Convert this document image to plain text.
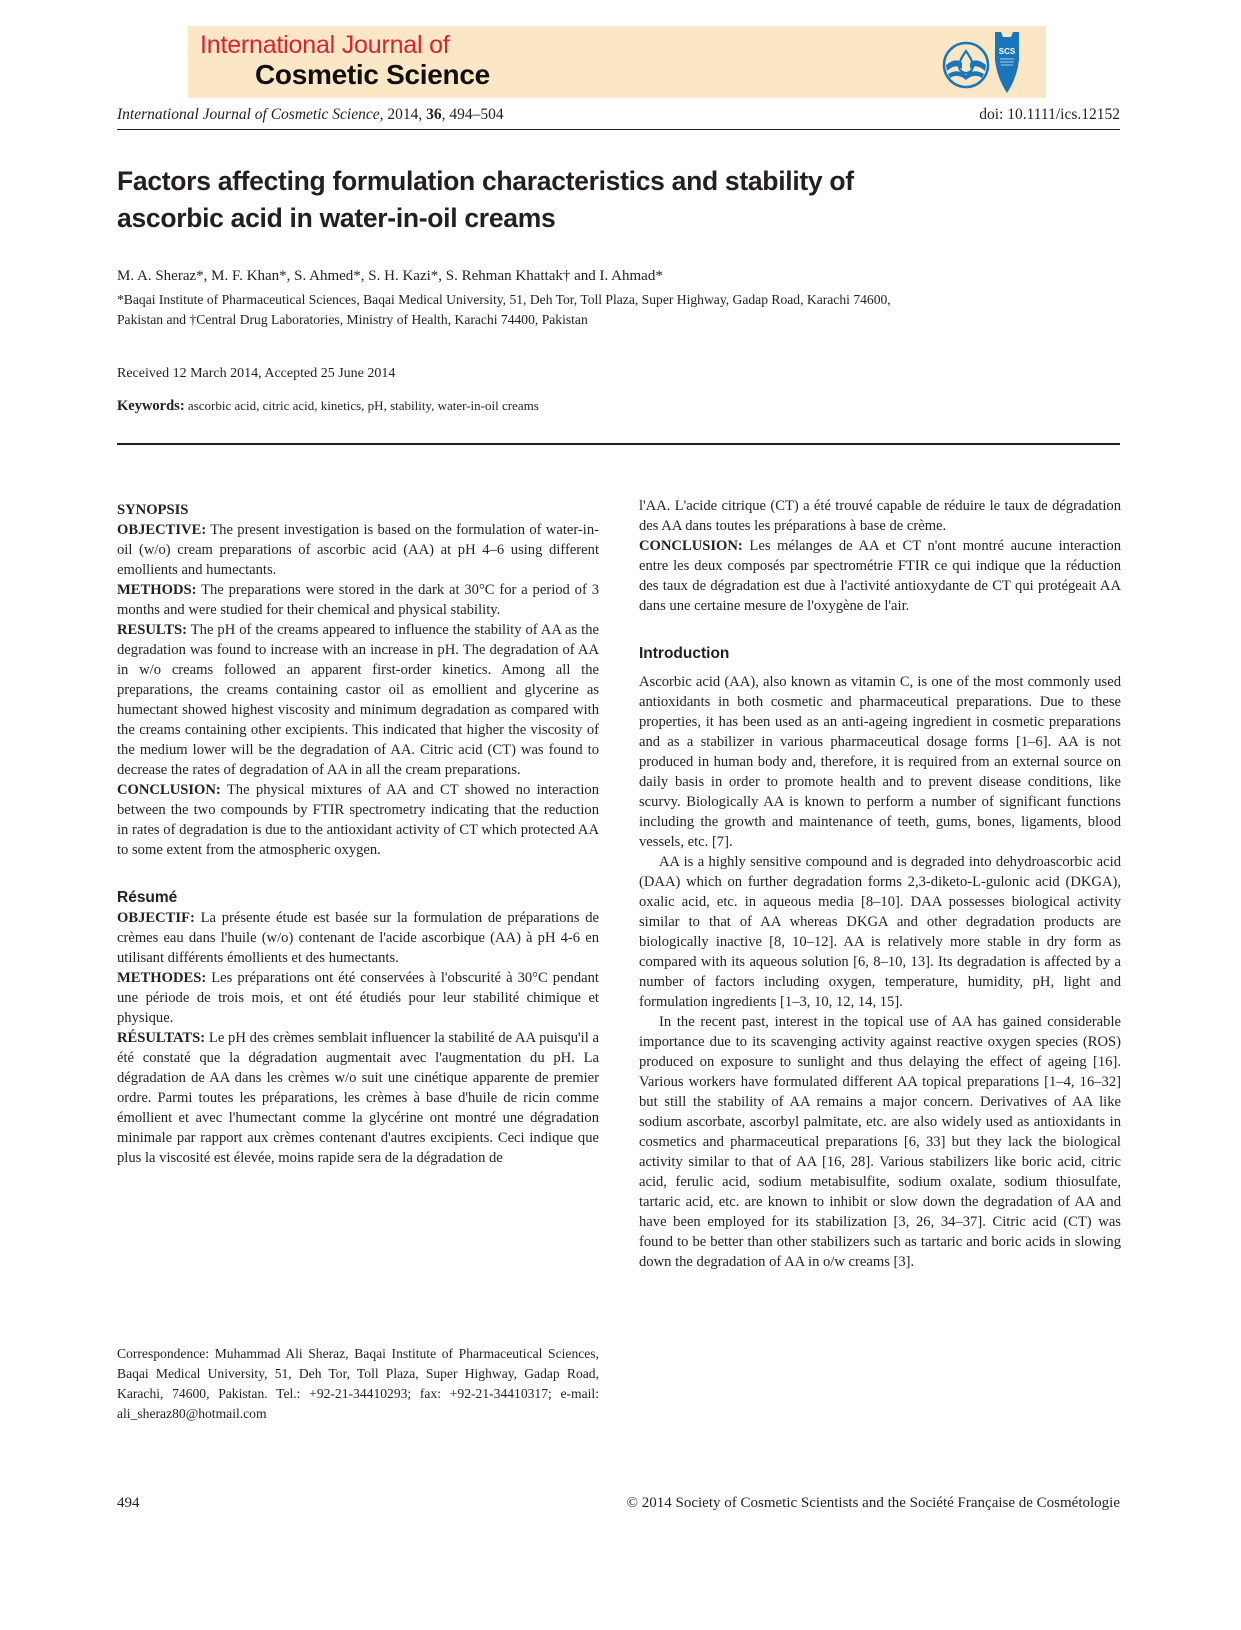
International Journal of
Cosmetic Science
SCS
International Journal of Cosmetic Science, 2014, 36, 494–504	doi: 10.1111/ics.12152
Factors affecting formulation characteristics and stability of
ascorbic acid in water-in-oil creams
M. A. Sheraz*, M. F. Khan*, S. Ahmed*, S. H. Kazi*, S. Rehman Khattak† and I. Ahmad*
*Baqai Institute of Pharmaceutical Sciences, Baqai Medical University, 51, Deh Tor, Toll Plaza, Super Highway, Gadap Road, Karachi 74600,
Pakistan and †Central Drug Laboratories, Ministry of Health, Karachi 74400, Pakistan
Received 12 March 2014, Accepted 25 June 2014
Keywords: ascorbic acid, citric acid, kinetics, pH, stability, water-in-oil creams

SYNOPSIS

OBJECTIVE: The present investigation is based on the formulation of water-in-oil (w/o) cream preparations of ascorbic acid (AA) at pH 4–6 using different emollients and humectants.

METHODS: The preparations were stored in the dark at 30°C for a period of 3 months and were studied for their chemical and physical stability.

RESULTS: The pH of the creams appeared to influence the stability of AA as the degradation was found to increase with an increase in pH. The degradation of AA in w/o creams followed an apparent first-order kinetics. Among all the preparations, the creams containing castor oil as emollient and glycerine as humectant showed highest viscosity and minimum degradation as compared with the creams containing other excipients. This indicated that higher the viscosity of the medium lower will be the degradation of AA. Citric acid (CT) was found to decrease the rates of degradation of AA in all the cream preparations.

CONCLUSION: The physical mixtures of AA and CT showed no interaction between the two compounds by FTIR spectrometry indicating that the reduction in rates of degradation is due to the antioxidant activity of CT which protected AA to some extent from the atmospheric oxygen.

Résumé

OBJECTIF: La présente étude est basée sur la formulation de préparations de crèmes eau dans l'huile (w/o) contenant de l'acide ascorbique (AA) à pH 4-6 en utilisant différents émollients et des humectants.

METHODES: Les préparations ont été conservées à l'obscurité à 30°C pendant une période de trois mois, et ont été étudiés pour leur stabilité chimique et physique.

RÉSULTATS: Le pH des crèmes semblait influencer la stabilité de AA puisqu'il a été constaté que la dégradation augmentait avec l'augmentation du pH. La dégradation de AA dans les crèmes w/o suit une cinétique apparente de premier ordre. Parmi toutes les préparations, les crèmes à base d'huile de ricin comme émollient et avec l'humectant comme la glycérine ont montré une dégradation minimale par rapport aux crèmes contenant d'autres excipients. Ceci indique que plus la viscosité est élevée, moins rapide sera de la dégradation de

Correspondence: Muhammad Ali Sheraz, Baqai Institute of Pharmaceutical Sciences, Baqai Medical University, 51, Deh Tor, Toll Plaza, Super Highway, Gadap Road, Karachi, 74600, Pakistan. Tel.: +92-21-34410293; fax: +92-21-34410317; e-mail: ali_sheraz80@hotmail.com

l'AA. L'acide citrique (CT) a été trouvé capable de réduire le taux de dégradation des AA dans toutes les préparations à base de crème.

CONCLUSION: Les mélanges de AA et CT n'ont montré aucune interaction entre les deux composés par spectrométrie FTIR ce qui indique que la réduction des taux de dégradation est due à l'activité antioxydante de CT qui protégeait AA dans une certaine mesure de l'oxygène de l'air.

Introduction

Ascorbic acid (AA), also known as vitamin C, is one of the most commonly used antioxidants in both cosmetic and pharmaceutical preparations. Due to these properties, it has been used as an anti-ageing ingredient in cosmetic preparations and as a stabilizer in various pharmaceutical dosage forms [1–6]. AA is not produced in human body and, therefore, it is required from an external source on daily basis in order to promote health and to prevent disease conditions, like scurvy. Biologically AA is known to perform a number of significant functions including the growth and maintenance of teeth, gums, bones, ligaments, blood vessels, etc. [7].

AA is a highly sensitive compound and is degraded into dehydroascorbic acid (DAA) which on further degradation forms 2,3-diketo-L-gulonic acid (DKGA), oxalic acid, etc. in aqueous media [8–10]. DAA possesses biological activity similar to that of AA whereas DKGA and other degradation products are biologically inactive [8, 10–12]. AA is relatively more stable in dry form as compared with its aqueous solution [6, 8–10, 13]. Its degradation is affected by a number of factors including oxygen, temperature, humidity, pH, light and formulation ingredients [1–3, 10, 12, 14, 15].

In the recent past, interest in the topical use of AA has gained considerable importance due to its scavenging activity against reactive oxygen species (ROS) produced on exposure to sunlight and thus delaying the effect of ageing [16]. Various workers have formulated different AA topical preparations [1–4, 16–32] but still the stability of AA remains a major concern. Derivatives of AA like sodium ascorbate, ascorbyl palmitate, etc. are also widely used as antioxidants in cosmetics and pharmaceutical preparations [6, 33] but they lack the biological activity similar to that of AA [16, 28]. Various stabilizers like boric acid, citric acid, ferulic acid, sodium metabisulfite, sodium oxalate, sodium thiosulfate, tartaric acid, etc. are known to inhibit or slow down the degradation of AA and have been employed for its stabilization [3, 26, 34–37]. Citric acid (CT) was found to be better than other stabilizers such as tartaric and boric acids in slowing down the degradation of AA in o/w creams [3].

494	© 2014 Society of Cosmetic Scientists and the Société Française de Cosmétologie
